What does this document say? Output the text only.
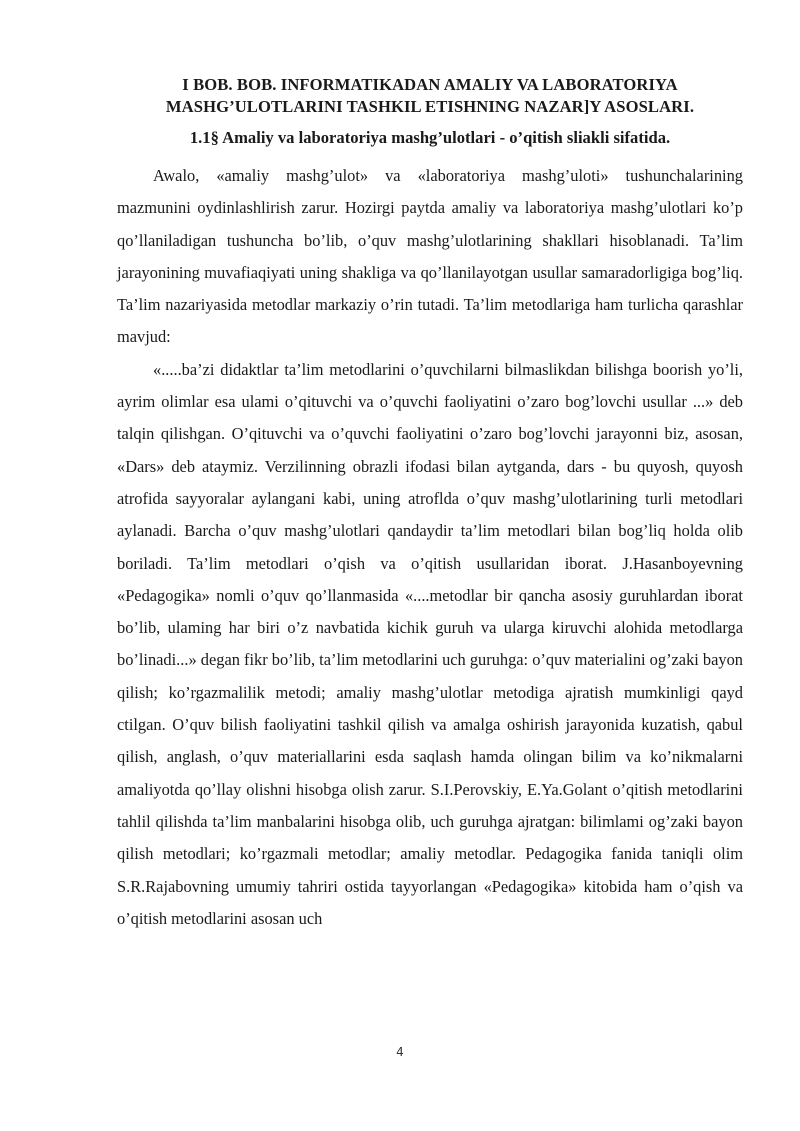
I BOB. BOB. INFORMATIKADAN AMALIY VA LABORATORIYA MASHG’ULOTLARINI TASHKIL ETISHNING NAZAR]Y ASOSLARI.
1.1§ Amaliy va laboratoriya mashg’ulotlari - o’qitish sliakli sifatida.

Awalo, «amaliy mashg’ulot» va «laboratoriya mashg’uloti» tushunchalarining mazmunini oydinlashlirish zarur. Hozirgi paytda amaliy va laboratoriya mashg’ulotlari ko’p qo’llaniladigan tushuncha bo’lib, o’quv mashg’ulotlarining shakllari hisoblanadi. Ta’lim jarayonining muvafiaqiyati uning shakliga va qo’llanilayotgan usullar samaradorligiga bog’liq. Ta’lim nazariyasida metodlar markaziy o’rin tutadi. Ta’lim metodlariga ham turlicha qarashlar mavjud:

«.....ba’zi didaktlar ta’lim metodlarini o’quvchilarni bilmaslikdan bilishga boorish yo’li, ayrim olimlar esa ulami o’qituvchi va o’quvchi faoliyatini o’zaro bog’lovchi usullar ...» deb talqin qilishgan. O’qituvchi va o’quvchi faoliyatini o’zaro bog’lovchi jarayonni biz, asosan, «Dars» deb ataymiz. Verzilinning obrazli ifodasi bilan aytganda, dars - bu quyosh, quyosh atrofida sayyoralar aylangani kabi, uning atroflda o’quv mashg’ulotlarining turli metodlari aylanadi. Barcha o’quv mashg’ulotlari qandaydir ta’lim metodlari bilan bog’liq holda olib boriladi. Ta’lim metodlari o’qish va o’qitish usullaridan iborat. J.Hasanboyevning «Pedagogika» nomli o’quv qo’llanmasida «....metodlar bir qancha asosiy guruhlardan iborat bo’lib, ulaming har biri o’z navbatida kichik guruh va ularga kiruvchi alohida metodlarga bo’linadi...» degan fikr bo’lib, ta’lim metodlarini uch guruhga: o’quv materialini og’zaki bayon qilish; ko’rgazmalilik metodi; amaliy mashg’ulotlar metodiga ajratish mumkinligi qayd ctilgan. O’quv bilish faoliyatini tashkil qilish va amalga oshirish jarayonida kuzatish, qabul qilish, anglash, o’quv materiallarini esda saqlash hamda olingan bilim va ko’nikmalarni amaliyotda qo’llay olishni hisobga olish zarur. S.I.Perovskiy, E.Ya.Golant o’qitish metodlarini tahlil qilishda ta’lim manbalarini hisobga olib, uch guruhga ajratgan: bilimlami og’zaki bayon qilish metodlari; ko’rgazmali metodlar; amaliy metodlar. Pedagogika fanida taniqli olim S.R.Rajabovning umumiy tahriri ostida tayyorlangan «Pedagogika» kitobida ham o’qish va o’qitish metodlarini asosan uch

4
